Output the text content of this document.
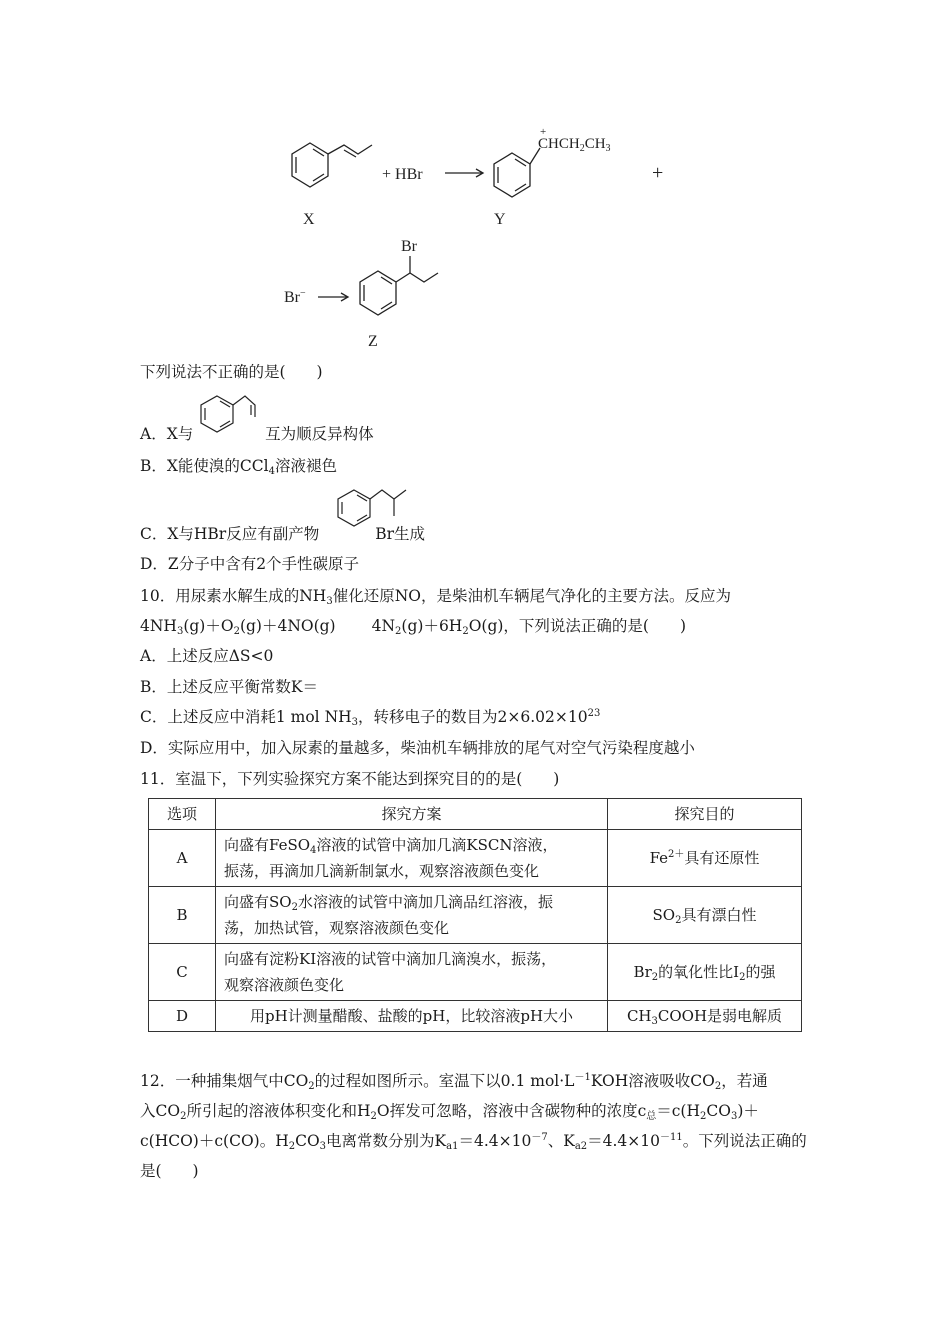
X
+ HBr
Y
+
$CHCH_2CH_3$
+
Br−
Br
Z
下列说法不正确的是(　　)
A．X与	互为顺反异构体
B．X能使溴的CCl$_4$溶液褪色
C．X与HBr反应有副产物	Br生成
D．Z分子中含有2个手性碳原子
10．用尿素水解生成的$NH_3$催化还原NO，是柴油机车辆尾气净化的主要方法。反应为
$4NH_3(g)+O_2(g)+4NO(g)$ $4N_2(g)+6H_2O(g)$，下列说法正确的是(　　)
A．上述反应ΔS<0
B．上述反应平衡常数K＝
C．上述反应中消耗1 mol $NH_3$，转移电子的数目为$2\times 6.02\times 10^{23}$
D．实际应用中，加入尿素的量越多，柴油机车辆排放的尾气对空气污染程度越小
11．室温下，下列实验探究方案不能达到探究目的的是(　　)
选项	探究方案	探究目的
A	向盛有FeSO$_4$溶液的试管中滴加几滴KSCN溶液，
振荡，再滴加几滴新制氯水，观察溶液颜色变化	$Fe^{2+}$具有还原性
B	向盛有$SO_2$水溶液的试管中滴加几滴品红溶液，振
荡，加热试管，观察溶液颜色变化	$SO_2$具有漂白性
C	向盛有淀粉KI溶液的试管中滴加几滴溴水，振荡，
观察溶液颜色变化	$Br_2$的氧化性比$I_2$的强
D	用pH计测量醋酸、盐酸的pH，比较溶液pH大小	$CH_3COOH$是弱电解质
12．一种捕集烟气中$CO_2$的过程如图所示。室温下以0.1 $mol\cdot L^{-1}KOH$溶液吸收$CO_2$，若通
入$CO_2$所引起的溶液体积变化和$H_2O$挥发可忽略，溶液中含碳物种的浓度$c_总=c(H_2CO_3)+$
c(HCO)＋c(CO)。$H_2CO_3$电离常数分别为$K_{a1}=4.4\times 10^{-7}$、$K_{a2}=4.4\times 10^{-11}$。下列说法正确的
是(　　)
